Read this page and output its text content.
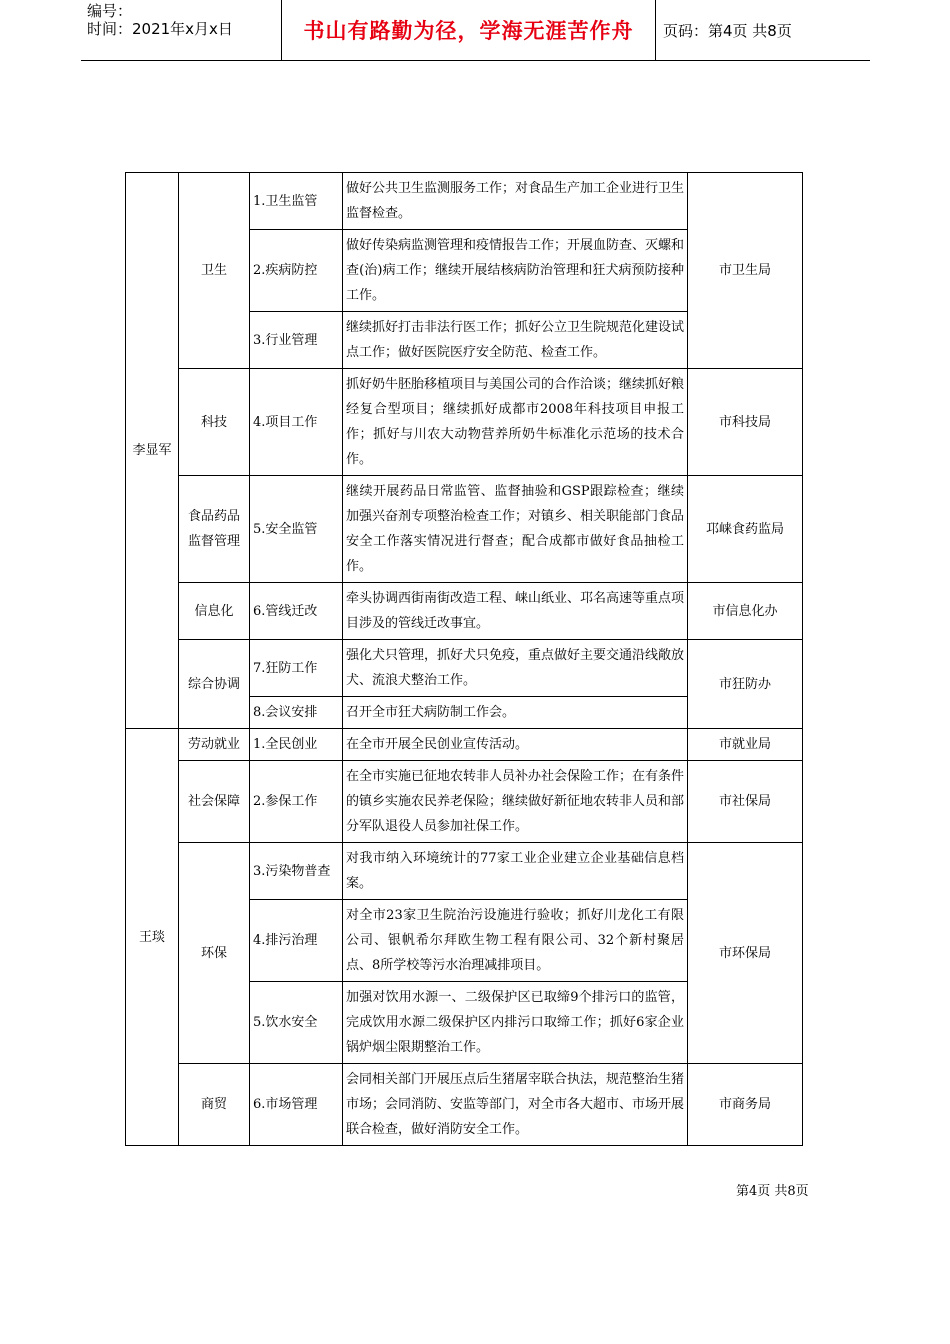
编号：
时间：2021年x月x日	书山有路勤为径，学海无涯苦作舟	页码：第4页 共8页
李显军	卫生	1.卫生监管	做好公共卫生监测服务工作；对食品生产加工企业进行卫生监督检查。	市卫生局
		2.疾病防控	做好传染病监测管理和疫情报告工作；开展血防查、灭螺和查(治)病工作；继续开展结核病防治管理和狂犬病预防接种工作。	
		3.行业管理	继续抓好打击非法行医工作；抓好公立卫生院规范化建设试点工作；做好医院医疗安全防范、检查工作。	
	科技	4.项目工作	抓好奶牛胚胎移植项目与美国公司的合作洽谈；继续抓好粮经复合型项目；继续抓好成都市2008年科技项目申报工作；抓好与川农大动物营养所奶牛标准化示范场的技术合作。	市科技局
	食品药品监督管理	5.安全监管	继续开展药品日常监管、监督抽验和GSP跟踪检查；继续加强兴奋剂专项整治检查工作；对镇乡、相关职能部门食品安全工作落实情况进行督查；配合成都市做好食品抽检工作。	邛崃食药监局
	信息化	6.管线迁改	牵头协调西街南街改造工程、崃山纸业、邛名高速等重点项目涉及的管线迁改事宜。	市信息化办
	综合协调	7.狂防工作	强化犬只管理，抓好犬只免疫，重点做好主要交通沿线敞放犬、流浪犬整治工作。	市狂防办
		8.会议安排	召开全市狂犬病防制工作会。	
王琰	劳动就业	1.全民创业	在全市开展全民创业宣传活动。	市就业局
	社会保障	2.参保工作	在全市实施已征地农转非人员补办社会保险工作；在有条件的镇乡实施农民养老保险；继续做好新征地农转非人员和部分军队退役人员参加社保工作。	市社保局
	环保	3.污染物普查	对我市纳入环境统计的77家工业企业建立企业基础信息档案。	市环保局
		4.排污治理	对全市23家卫生院治污设施进行验收；抓好川龙化工有限公司、银帆希尔拜欧生物工程有限公司、32个新村聚居点、8所学校等污水治理减排项目。	
		5.饮水安全	加强对饮用水源一、二级保护区已取缔9个排污口的监管，完成饮用水源二级保护区内排污口取缔工作；抓好6家企业锅炉烟尘限期整治工作。	
	商贸	6.市场管理	会同相关部门开展压点后生猪屠宰联合执法，规范整治生猪市场；会同消防、安监等部门，对全市各大超市、市场开展联合检查，做好消防安全工作。	市商务局
第4页 共8页
